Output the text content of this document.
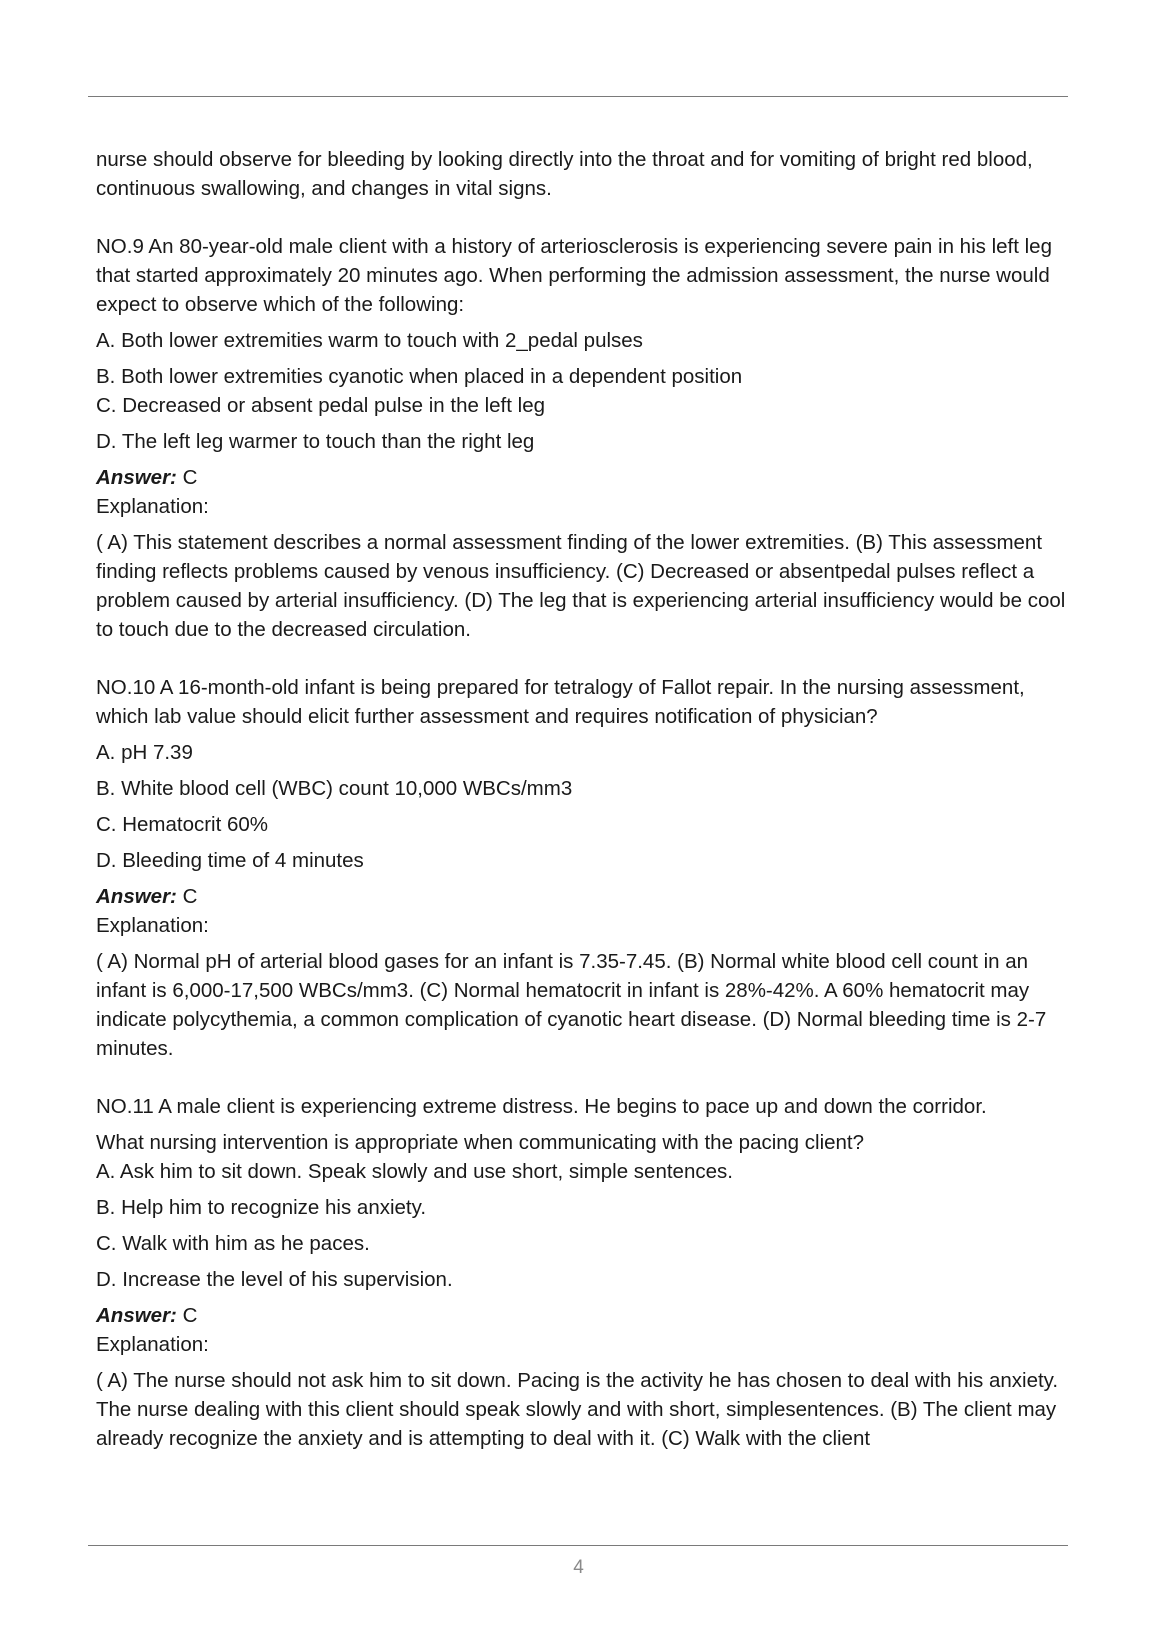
nurse should observe for bleeding by looking directly into the throat and for vomiting of bright red blood, continuous swallowing, and changes in vital signs.

NO.9 An 80-year-old male client with a history of arteriosclerosis is experiencing severe pain in his left leg that started approximately 20 minutes ago. When performing the admission assessment, the nurse would expect to observe which of the following:

A. Both lower extremities warm to touch with 2_pedal pulses

B. Both lower extremities cyanotic when placed in a dependent position

C. Decreased or absent pedal pulse in the left leg

D. The left leg warmer to touch than the right leg

Answer: C

Explanation:

( A) This statement describes a normal assessment finding of the lower extremities. (B) This assessment finding reflects problems caused by venous insufficiency. (C) Decreased or absentpedal pulses reflect a problem caused by arterial insufficiency. (D) The leg that is experiencing arterial insufficiency would be cool to touch due to the decreased circulation.

NO.10 A 16-month-old infant is being prepared for tetralogy of Fallot repair. In the nursing assessment, which lab value should elicit further assessment and requires notification of physician?

A. pH 7.39

B. White blood cell (WBC) count 10,000 WBCs/mm3

C. Hematocrit 60%

D. Bleeding time of 4 minutes

Answer: C

Explanation:

( A) Normal pH of arterial blood gases for an infant is 7.35-7.45. (B) Normal white blood cell count in an infant is 6,000-17,500 WBCs/mm3. (C) Normal hematocrit in infant is 28%-42%. A 60% hematocrit may indicate polycythemia, a common complication of cyanotic heart disease. (D) Normal bleeding time is 2-7 minutes.

NO.11 A male client is experiencing extreme distress. He begins to pace up and down the corridor.

What nursing intervention is appropriate when communicating with the pacing client?

A. Ask him to sit down. Speak slowly and use short, simple sentences.

B. Help him to recognize his anxiety.

C. Walk with him as he paces.

D. Increase the level of his supervision.

Answer: C

Explanation:

( A) The nurse should not ask him to sit down. Pacing is the activity he has chosen to deal with his anxiety. The nurse dealing with this client should speak slowly and with short, simplesentences. (B) The client may already recognize the anxiety and is attempting to deal with it. (C) Walk with the client

4
